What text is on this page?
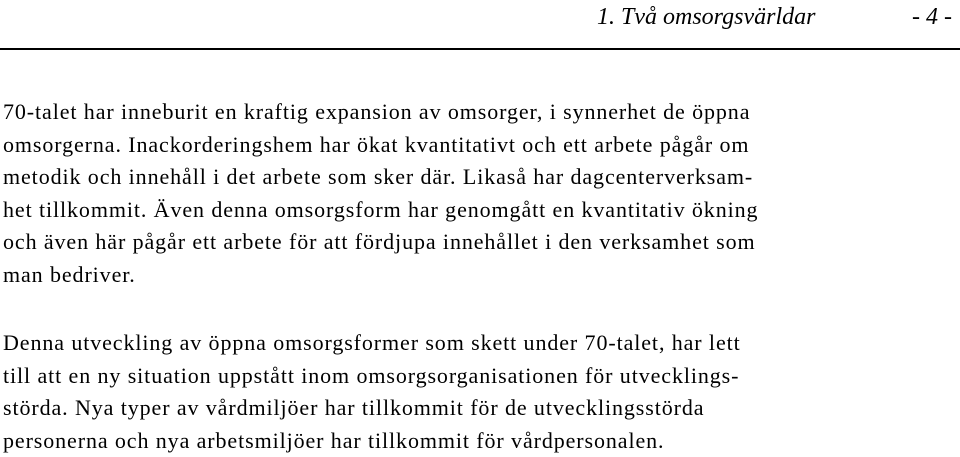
1. Två omsorgsvärldar	- 4 -
70-talet har inneburit en kraftig expansion av omsorger, i synnerhet de öppna
omsorgerna. Inackorderingshem har ökat kvantitativt och ett arbete pågår om
metodik och innehåll i det arbete som sker där. Likaså har dagcenterverksam-
het tillkommit. Även denna omsorgsform har genomgått en kvantitativ ökning
och även här pågår ett arbete för att fördjupa innehållet i den verksamhet som
man bedriver.
Denna utveckling av öppna omsorgsformer som skett under 70-talet, har lett
till att en ny situation uppstått inom omsorgsorganisationen för utvecklings-
störda. Nya typer av vårdmiljöer har tillkommit för de utvecklingsstörda
personerna och nya arbetsmiljöer har tillkommit för vårdpersonalen.
